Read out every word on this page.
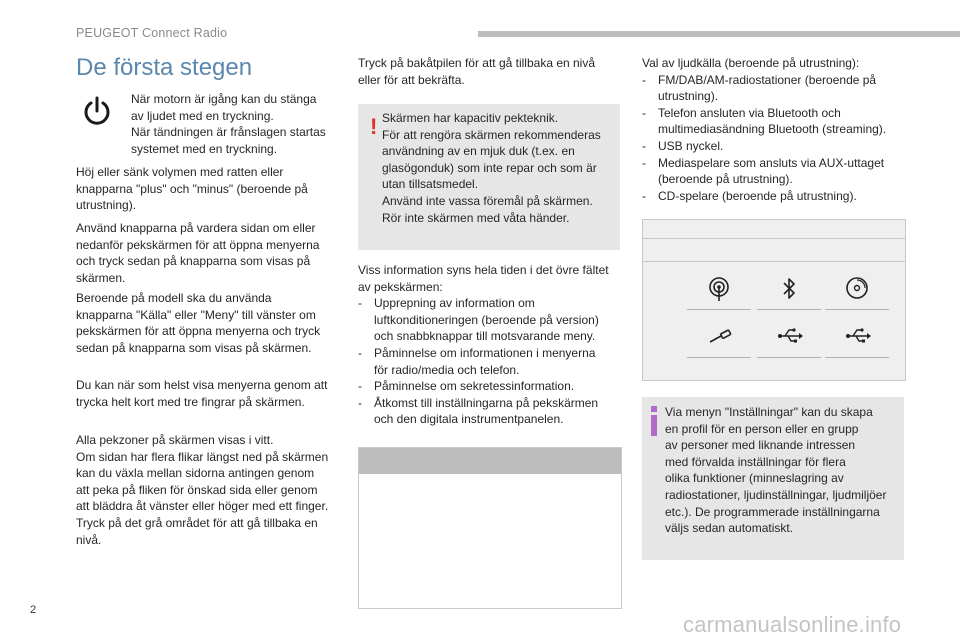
PEUGEOT Connect Radio
De första stegen
När motorn är igång kan du stänga
av ljudet med en tryckning.
När tändningen är frånslagen startas
systemet med en tryckning.
Höj eller sänk volymen med ratten eller
knapparna "plus" och "minus" (beroende på
utrustning).
Använd knapparna på vardera sidan om eller
nedanför pekskärmen för att öppna menyerna
och tryck sedan på knapparna som visas på
skärmen.
Beroende på modell ska du använda
knapparna "Källa" eller "Meny" till vänster om
pekskärmen för att öppna menyerna och tryck
sedan på knapparna som visas på skärmen.
Du kan när som helst visa menyerna genom att
trycka helt kort med tre fingrar på skärmen.
Alla pekzoner på skärmen visas i vitt.
Om sidan har flera flikar längst ned på skärmen
kan du växla mellan sidorna antingen genom
att peka på fliken för önskad sida eller genom
att bläddra åt vänster eller höger med ett finger.
Tryck på det grå området för att gå tillbaka en
nivå.
Tryck på bakåtpilen för att gå tillbaka en nivå
eller för att bekräfta.
! Skärmen har kapacitiv pekteknik.
För att rengöra skärmen rekommenderas
användning av en mjuk duk (t.ex. en
glasögonduk) som inte repar och som är
utan tillsatsmedel.
Använd inte vassa föremål på skärmen.
Rör inte skärmen med våta händer.
Viss information syns hela tiden i det övre fältet
av pekskärmen:
- Upprepning av information om
luftkonditioneringen (beroende på version)
och snabbknappar till motsvarande meny.
- Påminnelse om informationen i menyerna
för radio/media och telefon.
- Påminnelse om sekretessinformation.
- Åtkomst till inställningarna på pekskärmen
och den digitala instrumentpanelen.
Val av ljudkälla (beroende på utrustning):
- FM/DAB/AM-radiostationer (beroende på
utrustning).
- Telefon ansluten via Bluetooth och
multimediasändning Bluetooth (streaming).
- USB nyckel.
- Mediaspelare som ansluts via AUX-uttaget
(beroende på utrustning).
- CD-spelare (beroende på utrustning).
Via menyn "Inställningar" kan du skapa
en profil för en person eller en grupp
av personer med liknande intressen
med förvalda inställningar för flera
olika funktioner (minneslagring av
radiostationer, ljudinställningar, ljudmiljöer
etc.). De programmerade inställningarna
väljs sedan automatiskt.
2
carmanualsonline.info
